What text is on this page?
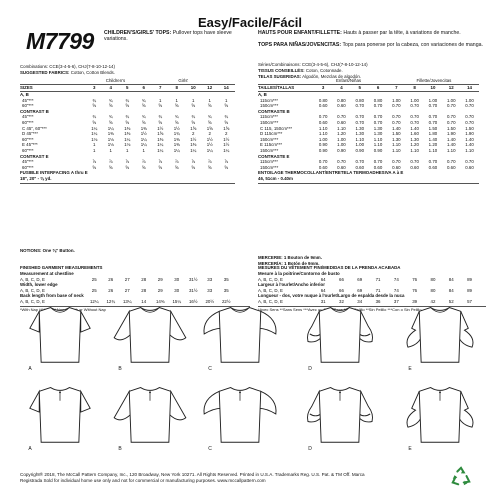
Easy/Facile/Fácil
M7799 CHILDREN'S/GIRLS' TOPS: Pullover tops have sleeve variations.
HAUTS POUR ENFANT/FILLETTE: Hauts à passer par la tête, à variations de manche.
TOPS PARA NIÑAS/JOVENCITAS: Tops para ponerse por la cabeza, con variaciones de manga.
Combinations: CCE(3-4-5-6), CHJ(7-8-10-12-14)
SUGGESTED FABRICS: Cotton, Cotton Blends.
Séries/Combinaisons: CCE(3-4-5-6), CHJ(7-8-10-12-14)
TISSUS CONSEILLÉS: Coton, Cotonnade.
TELAS SUGERIDAS: Algodón, Mezclas de algodón.
Children's	Girls'
SIZES	3	4	5	6	7	8	10	12	14
A, B
45"***	¾	¾	¾	¾	1	1	1	1	1
60"***	⅝	⅝	⅝	⅝	⅝	⅝	⅝	⅝	⅝
CONTRAST B
45"***	¾	¾	¾	¾	¾	¾	¾	¾	¾
60"***	⅝	⅝	⅝	⅝	⅝	⅝	⅝	⅝	⅝
C 45", 60"***	1¼	1¼	1⅜	1⅜	1½	1½	1⅝	1⅝	1⅝
D 45"***	1¼	1⅜	1⅜	1½	1⅝	1¾	2	2	2
60"***	1⅛	1⅛	1¼	1¼	1⅜	1⅜	1½	1½	1½
E 45"***	1	1⅛	1⅛	1¼	1¼	1⅜	1⅜	1½	1½
60"***	1	1	1	1	1¼	1¼	1¼	1¼	1¼
CONTRAST E
45"***	⅞	⅞	⅞	⅞	⅞	⅞	⅞	⅞	⅞
60"***	⅝	⅝	⅝	⅝	⅝	⅝	⅝	⅝	⅝
FUSIBLE INTERFACING A thru E
18", 20" - ⅜ yd.
Enfant/Niñas	Fillette/Jovencitas
TAILLES/TALLAS	3	4	5	6	7	8	10	12	14
A, B
115cm***	0.80	0.80	0.80	0.80	1.00	1.00	1.00	1.00	1.00
150cm***	0.60	0.60	0.70	0.70	0.70	0.70	0.70	0.70	0.70
CONTRASTE B
115cm***	0.70	0.70	0.70	0.70	0.70	0.70	0.70	0.70	0.70
150cm***	0.60	0.60	0.70	0.70	0.70	0.70	0.70	0.70	0.70
C 115, 150cm***	1.10	1.10	1.30	1.30	1.40	1.40	1.50	1.50	1.50
D 115cm***	1.10	1.20	1.30	1.30	1.50	1.60	1.80	1.90	1.90
150cm***	1.00	1.00	1.10	1.10	1.30	1.30	1.40	1.40	1.40
E 115cm***	0.90	1.00	1.00	1.10	1.10	1.20	1.20	1.40	1.40
150cm***	0.90	0.90	0.90	0.90	1.10	1.10	1.10	1.10	1.10
CONTRASTE E
115cm***	0.70	0.70	0.70	0.70	0.70	0.70	0.70	0.70	0.70
150cm***	0.60	0.60	0.60	0.60	0.60	0.60	0.60	0.60	0.60
ENTOILAGE THERMOCOLLANT/ENTRETELA TERMOADHESIVA A à E
46, 51cm - 0.40m
FINISHED GARMENT MEASUREMENTS
Measurement at chestline
A, B, C, D, E	25	26	27	28	29	30	31½	33	35
Width, lower edge
A, B, C, D, E	25	26	27	28	29	30	31½	33	35
Back length from base of neck
A, B, C, D, E	12¼	12¾	13¼	14	14⅜	15¼	16½	20½	22½
*With Nap **Without Nap ***With or Without Nap
MESURES DU VÊTEMENT FINI/MEDIDAS DE LA PRENDA ACABADA
Mesure à la poitrine/Contorno de busto
A, B, C, D, E	64	66	69	71	74	76	80	84	89
Largeur à l'ourlet/Ancho inferior
A, B, C, D, E	64	66	69	71	74	76	80	84	89
Longueur - dos, votre nuque à l'ourlet/Largo de espalda desde la nuca
A, B, C, D, E	31	32	34	36	37	39	42	52	57
*Avec Sens **Sans Sens ***Avec ou Sans Sens *Con Pelillo **Sin Pelillo ***Con o Sin Pelillo
NOTIONS: One ⅜" Button.
MERCERIE: 1 Bouton de 9mm.
MERCERÍA: 1 Botón de 9mm.
A	B	C	D	E
A	B	C	D	E
Copyright® 2018, The McCall Pattern Company, Inc., 120 Broadway, New York 10271. All Rights Reserved. Printed in U.S.A. Trademarks Reg. U.S. Pat. & TM Off. Marca
Registrada Sold for individual home use only and not for commercial or manufacturing purposes. www.mccallpattern.com
